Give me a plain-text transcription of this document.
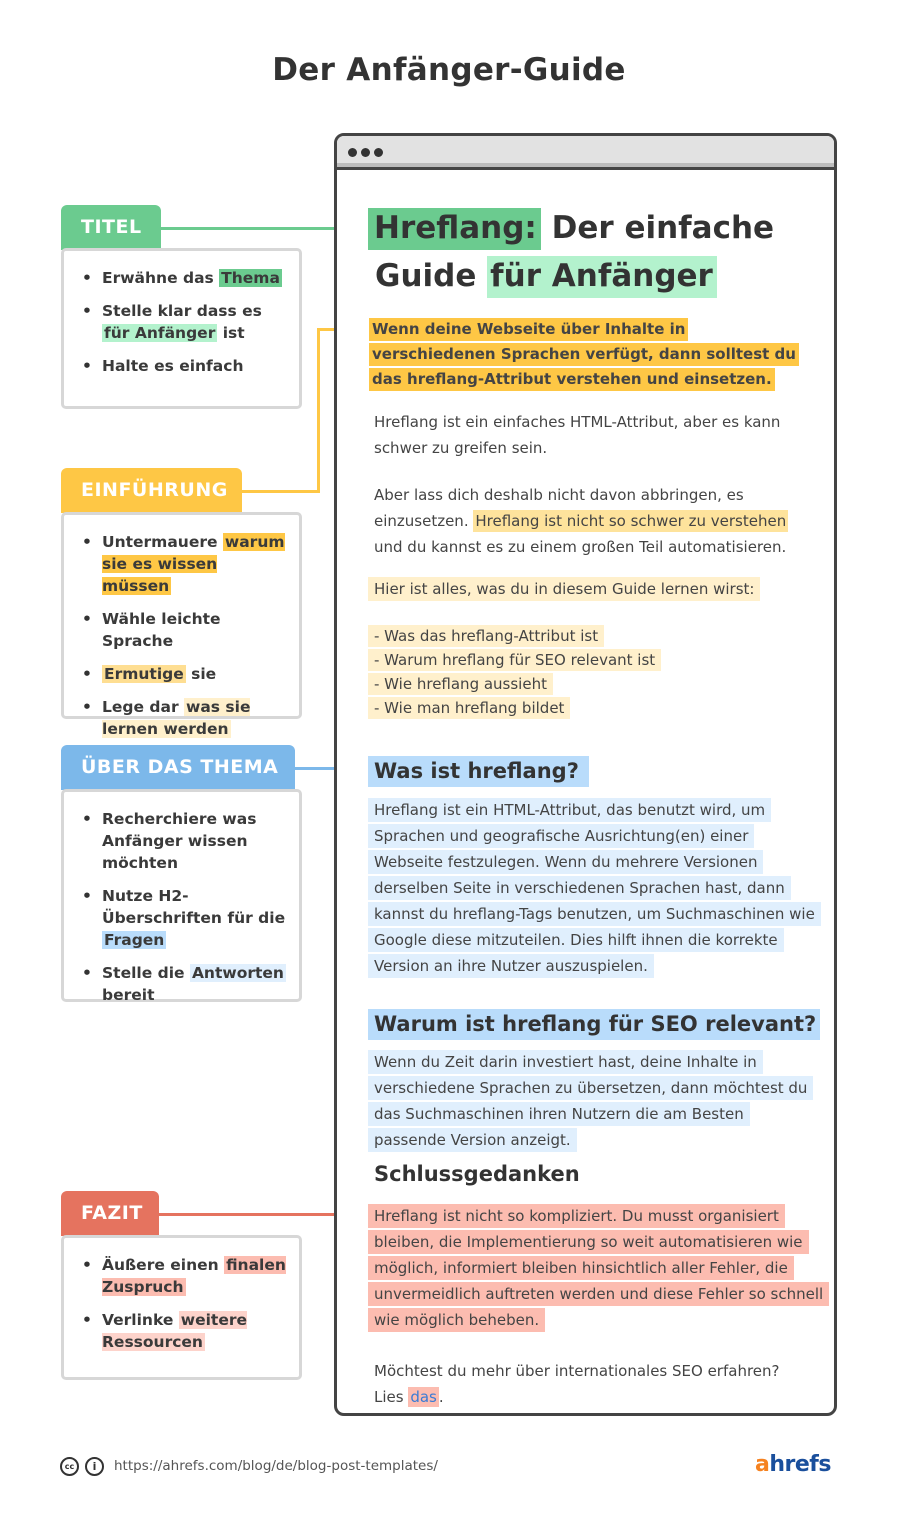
Der Anfänger-Guide
TITEL
• Erwähne das Thema
• Stelle klar dass es für Anfänger ist
• Halte es einfach
EINFÜHRUNG
• Untermauere warum sie es wissen müssen
• Wähle leichte Sprache
• Ermutige sie
• Lege dar was sie lernen werden
ÜBER DAS THEMA
• Recherchiere was Anfänger wissen möchten
• Nutze H2-Überschriften für die Fragen
• Stelle die Antworten bereit
FAZIT
• Äußere einen finalen Zuspruch
• Verlinke weitere Ressourcen
Hreflang: Der einfache
Guide für Anfänger
Wenn deine Webseite über Inhalte in verschiedenen Sprachen verfügt, dann solltest du das hreflang-Attribut verstehen und einsetzen.
Hreflang ist ein einfaches HTML-Attribut, aber es kann schwer zu greifen sein.
Aber lass dich deshalb nicht davon abbringen, es einzusetzen. Hreflang ist nicht so schwer zu verstehen und du kannst es zu einem großen Teil automatisieren.
Hier ist alles, was du in diesem Guide lernen wirst:
- Was das hreflang-Attribut ist
- Warum hreflang für SEO relevant ist
- Wie hreflang aussieht
- Wie man hreflang bildet
Was ist hreflang?
Hreflang ist ein HTML-Attribut, das benutzt wird, um Sprachen und geografische Ausrichtung(en) einer Webseite festzulegen. Wenn du mehrere Versionen derselben Seite in verschiedenen Sprachen hast, dann kannst du hreflang-Tags benutzen, um Suchmaschinen wie Google diese mitzuteilen. Dies hilft ihnen die korrekte Version an ihre Nutzer auszuspielen.
Warum ist hreflang für SEO relevant?
Wenn du Zeit darin investiert hast, deine Inhalte in verschiedene Sprachen zu übersetzen, dann möchtest du das Suchmaschinen ihren Nutzern die am Besten passende Version anzeigt.
Schlussgedanken
Hreflang ist nicht so kompliziert. Du musst organisiert bleiben, die Implementierung so weit automatisieren wie möglich, informiert bleiben hinsichtlich aller Fehler, die unvermeidlich auftreten werden und diese Fehler so schnell wie möglich beheben.
Möchtest du mehr über internationales SEO erfahren?
Lies das .
cc	i	https://ahrefs.com/blog/de/blog-post-templates/	ahrefs
